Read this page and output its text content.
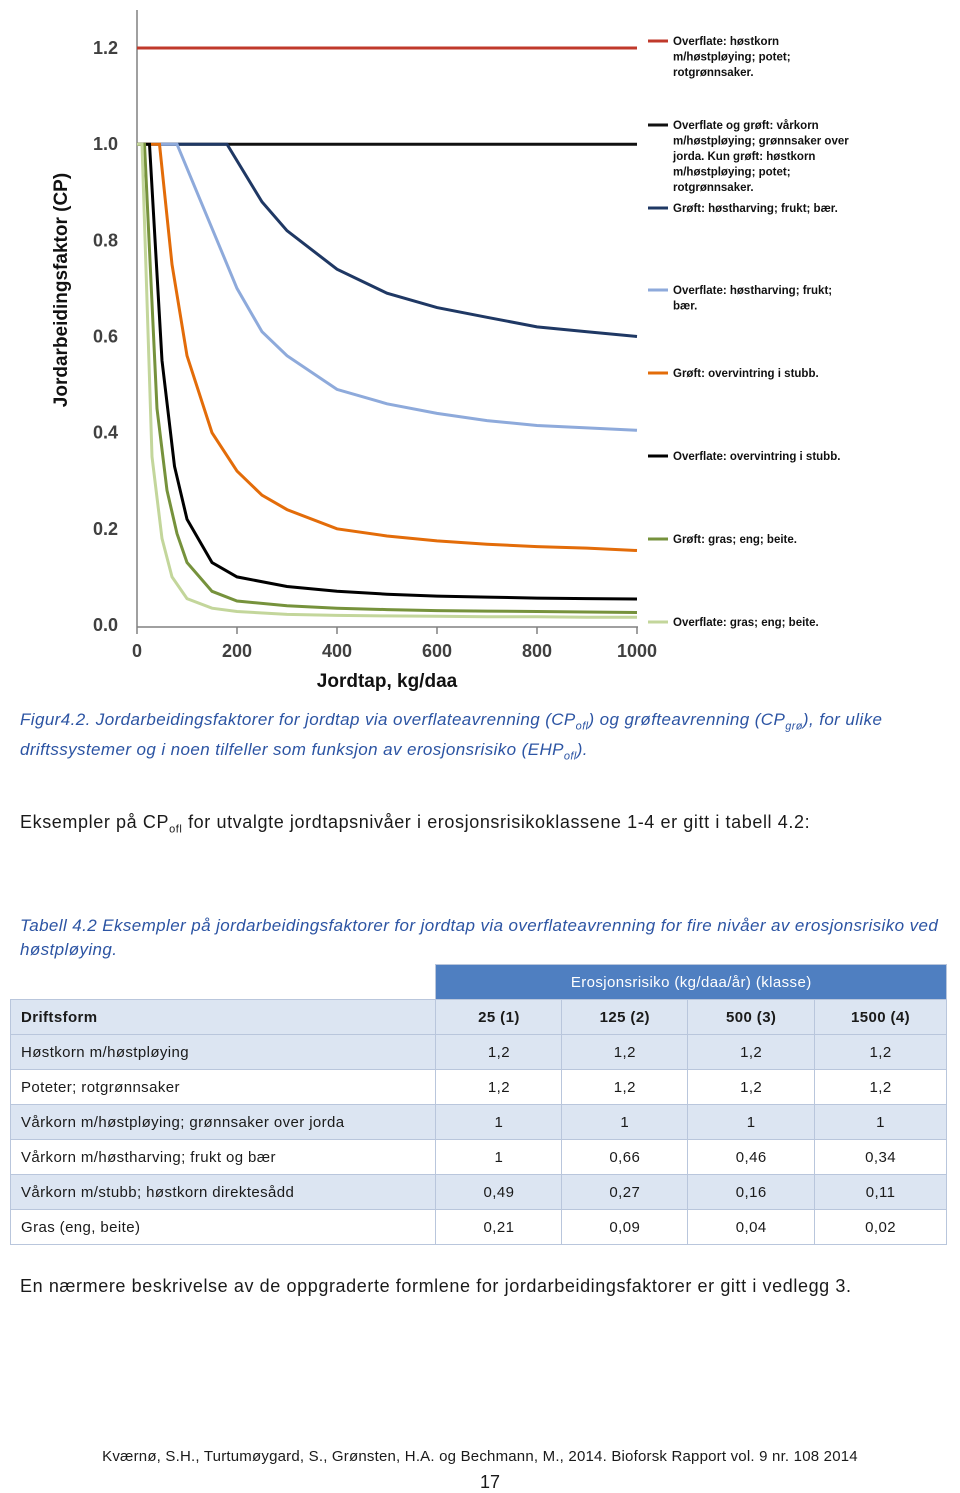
0.0
0.2
0.4
0.6
0.8
1.0
1.2
0	200	400	600	800	1000
Jordtap, kg/daa
Jordarbeidingsfaktor (CP)
Overflate: høstkorn m/høstpløying; potet; rotgrønnsaker.
Overflate og grøft: vårkorn m/høstpløying; grønnsaker over jorda. Kun grøft: høstkorn m/høstpløying; potet; rotgrønnsaker.
Grøft: høstharving; frukt; bær.
Overflate: høstharving; frukt; bær.
Grøft: overvintring i stubb.
Overflate: overvintring i stubb.
Grøft: gras; eng; beite.
Overflate: gras; eng; beite.
Figur4.2. Jordarbeidingsfaktorer for jordtap via overflateavrenning $(CP_{ofl})$ og grøfteavrenning $(CP_{grø})$, for ulike driftssystemer og i noen tilfeller som funksjon av erosjonsrisiko $(EHP_{ofl})$.
Eksempler på $CP_{ofl}$ for utvalgte jordtapsnivåer i erosjonsrisikoklassene 1-4 er gitt i tabell 4.2:
Tabell 4.2 Eksempler på jordarbeidingsfaktorer for jordtap via overflateavrenning for fire nivåer av erosjonsrisiko ved høstpløying.
	Erosjonsrisiko (kg/daa/år) (klasse)			
Driftsform	25 (1)	125 (2)	500 (3)	1500 (4)
Høstkorn m/høstpløying	1,2	1,2	1,2	1,2
Poteter; rotgrønnsaker	1,2	1,2	1,2	1,2
Vårkorn m/høstpløying; grønnsaker over jorda	1	1	1	1
Vårkorn m/høstharving; frukt og bær	1	0,66	0,46	0,34
Vårkorn m/stubb; høstkorn direktesådd	0,49	0,27	0,16	0,11
Gras (eng, beite)	0,21	0,09	0,04	0,02
En nærmere beskrivelse av de oppgraderte formlene for jordarbeidingsfaktorer er gitt i vedlegg 3.
Kværnø, S.H., Turtumøygard, S., Grønsten, H.A. og Bechmann, M., 2014. Bioforsk Rapport vol. 9 nr. 108 2014
17
